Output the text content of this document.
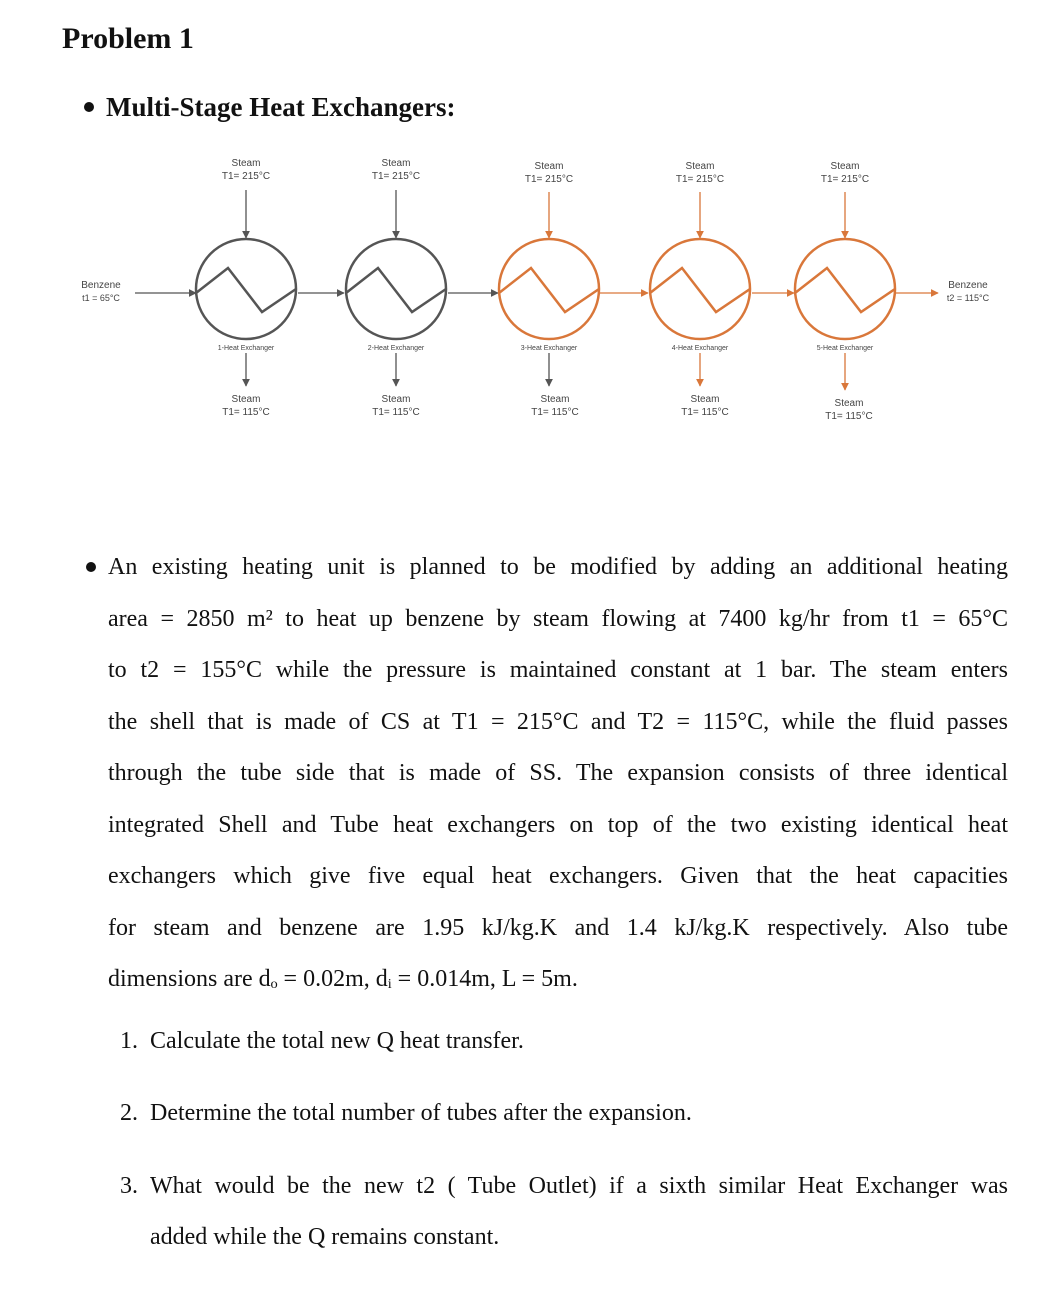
Problem 1
Multi-Stage Heat Exchangers:
Benzene
t1 = 65°C
Benzene
t2 = 115°C
Steam
T1= 215°C
1-Heat Exchanger
Steam
T1= 115°C
Steam
T1= 215°C
2-Heat Exchanger
Steam
T1= 115°C
Steam
T1= 215°C
3-Heat Exchanger
Steam
T1= 115°C
Steam
T1= 215°C
4-Heat Exchanger
Steam
T1= 115°C
Steam
T1= 215°C
5-Heat Exchanger
Steam
T1= 115°C
An existing heating unit is planned to be modified by adding an additional heating
area = 2850 m² to heat up benzene by steam flowing at 7400 kg/hr from t1 = 65°C
to t2 = 155°C while the pressure is maintained constant at 1 bar. The steam enters
the shell that is made of CS at T1 = 215°C and T2 = 115°C, while the fluid passes
through the tube side that is made of SS. The expansion consists of three identical
integrated Shell and Tube heat exchangers on top of the two existing identical heat
exchangers which give five equal heat exchangers. Given that the heat capacities
for steam and benzene are 1.95 kJ/kg.K and 1.4 kJ/kg.K respectively. Also tube
dimensions are dₒ = 0.02m, dᵢ = 0.014m, L = 5m.
1. Calculate the total new Q heat transfer.
2. Determine the total number of tubes after the expansion.
3. What would be the new t2 ( Tube Outlet) if a sixth similar Heat Exchanger was
added while the Q remains constant.
